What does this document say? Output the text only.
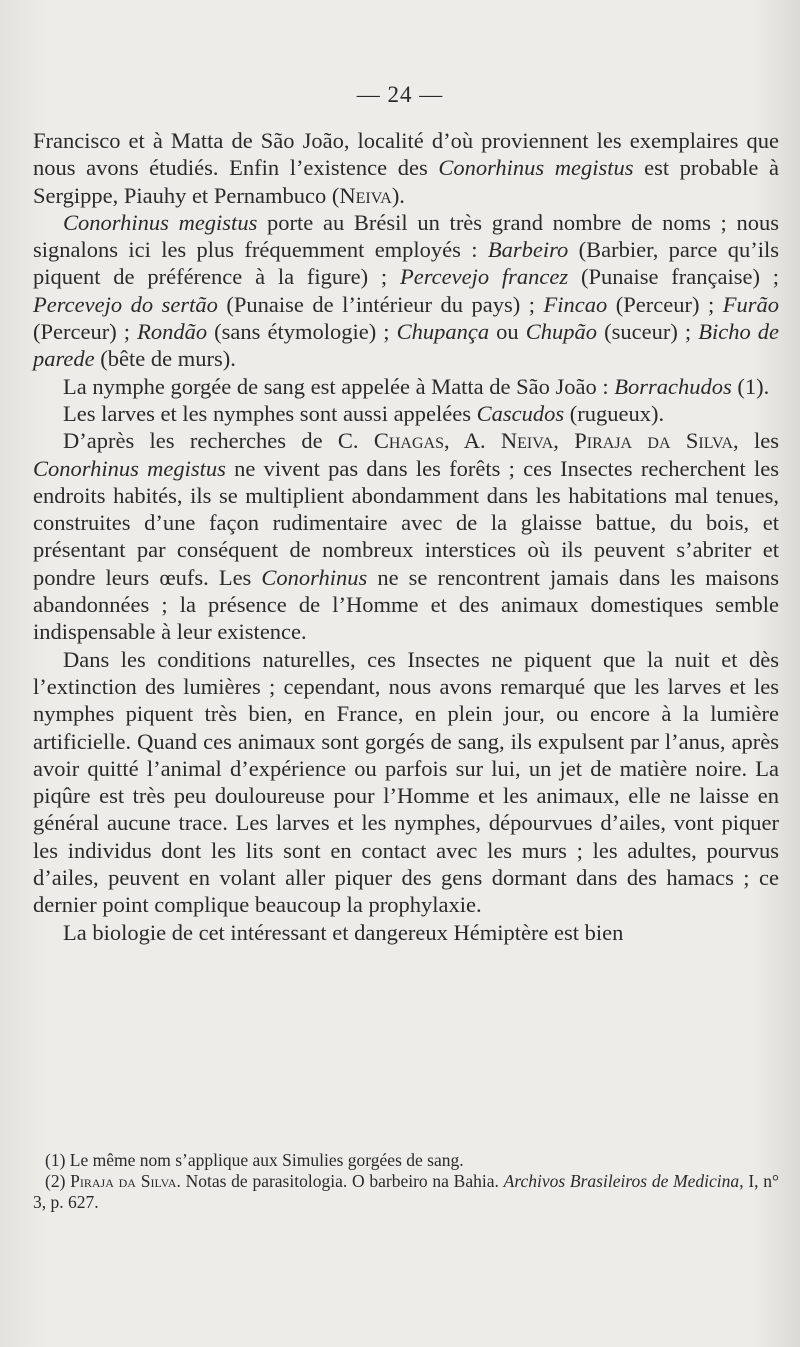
— 24 —

Francisco et à Matta de São João, localité d’où proviennent les exemplaires que nous avons étudiés. Enfin l’existence des Conorhinus megistus est probable à Sergippe, Piauhy et Pernambuco (Neiva).

Conorhinus megistus porte au Brésil un très grand nombre de noms ; nous signalons ici les plus fréquemment employés : Barbeiro (Barbier, parce qu’ils piquent de préférence à la figure) ; Percevejo francez (Punaise française) ; Percevejo do sertão (Punaise de l’intérieur du pays) ; Fincao (Perceur) ; Furão (Perceur) ; Rondão (sans étymologie) ; Chupança ou Chupão (suceur) ; Bicho de parede (bête de murs).

La nymphe gorgée de sang est appelée à Matta de São João : Borrachudos (1).

Les larves et les nymphes sont aussi appelées Cascudos (rugueux).

D’après les recherches de C. Chagas, A. Neiva, Piraja da Silva, les Conorhinus megistus ne vivent pas dans les forêts ; ces Insectes recherchent les endroits habités, ils se multiplient abondamment dans les habitations mal tenues, construites d’une façon rudimentaire avec de la glaisse battue, du bois, et présentant par conséquent de nombreux interstices où ils peuvent s’abriter et pondre leurs œufs. Les Conorhinus ne se rencontrent jamais dans les maisons abandonnées ; la présence de l’Homme et des animaux domestiques semble indispensable à leur existence.

Dans les conditions naturelles, ces Insectes ne piquent que la nuit et dès l’extinction des lumières ; cependant, nous avons remarqué que les larves et les nymphes piquent très bien, en France, en plein jour, ou encore à la lumière artificielle. Quand ces animaux sont gorgés de sang, ils expulsent par l’anus, après avoir quitté l’animal d’expérience ou parfois sur lui, un jet de matière noire. La piqûre est très peu douloureuse pour l’Homme et les animaux, elle ne laisse en général aucune trace. Les larves et les nymphes, dépourvues d’ailes, vont piquer les individus dont les lits sont en contact avec les murs ; les adultes, pourvus d’ailes, peuvent en volant aller piquer des gens dormant dans des hamacs ; ce dernier point complique beaucoup la prophylaxie.

La biologie de cet intéressant et dangereux Hémiptère est bien

(1) Le même nom s’applique aux Simulies gorgées de sang.

(2) Piraja da Silva. Notas de parasitologia. O barbeiro na Bahia. Archivos Brasileiros de Medicina, I, n° 3, p. 627.
